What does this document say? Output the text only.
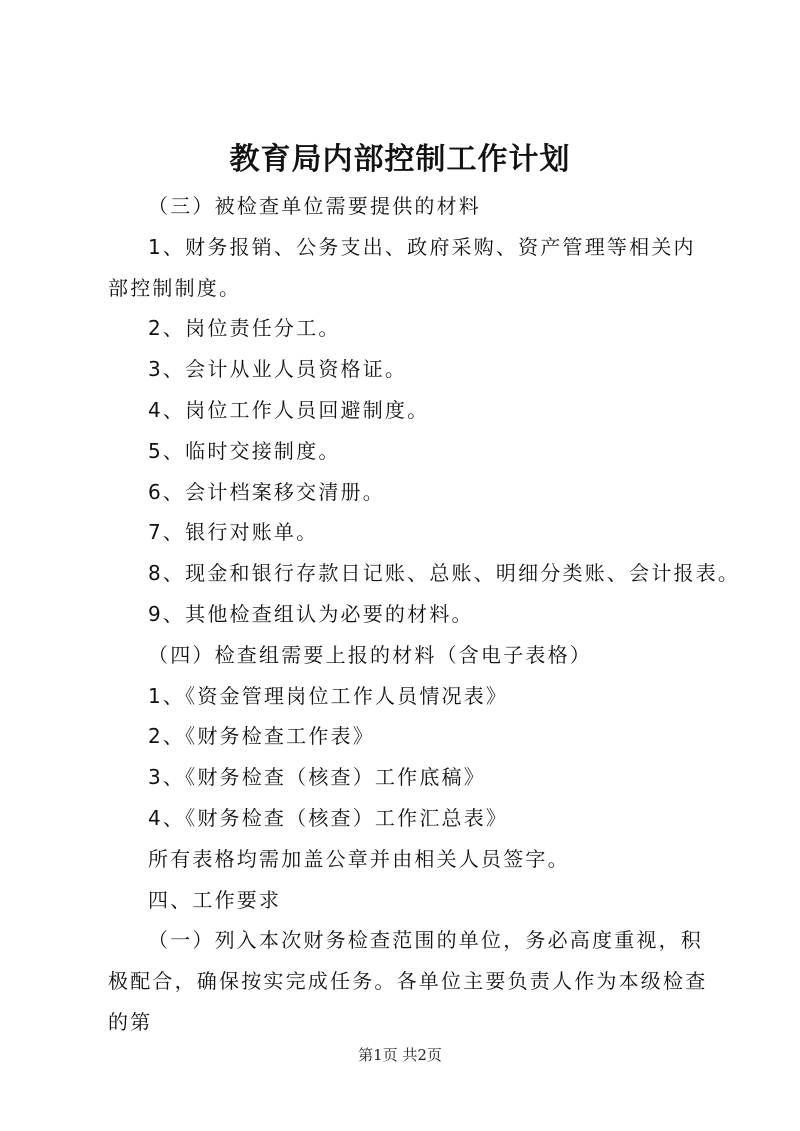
教育局内部控制工作计划

（三）被检查单位需要提供的材料

1、财务报销、公务支出、政府采购、资产管理等相关内部控制制度。

2、岗位责任分工。

3、会计从业人员资格证。

4、岗位工作人员回避制度。

5、临时交接制度。

6、会计档案移交清册。

7、银行对账单。

8、现金和银行存款日记账、总账、明细分类账、会计报表。

9、其他检查组认为必要的材料。

（四）检查组需要上报的材料（含电子表格）

1、《资金管理岗位工作人员情况表》

2、《财务检查工作表》

3、《财务检查（核查）工作底稿》

4、《财务检查（核查）工作汇总表》

所有表格均需加盖公章并由相关人员签字。

四、工作要求

（一）列入本次财务检查范围的单位，务必高度重视，积极配合，确保按实完成任务。各单位主要负责人作为本级检查的第

第1页 共2页
